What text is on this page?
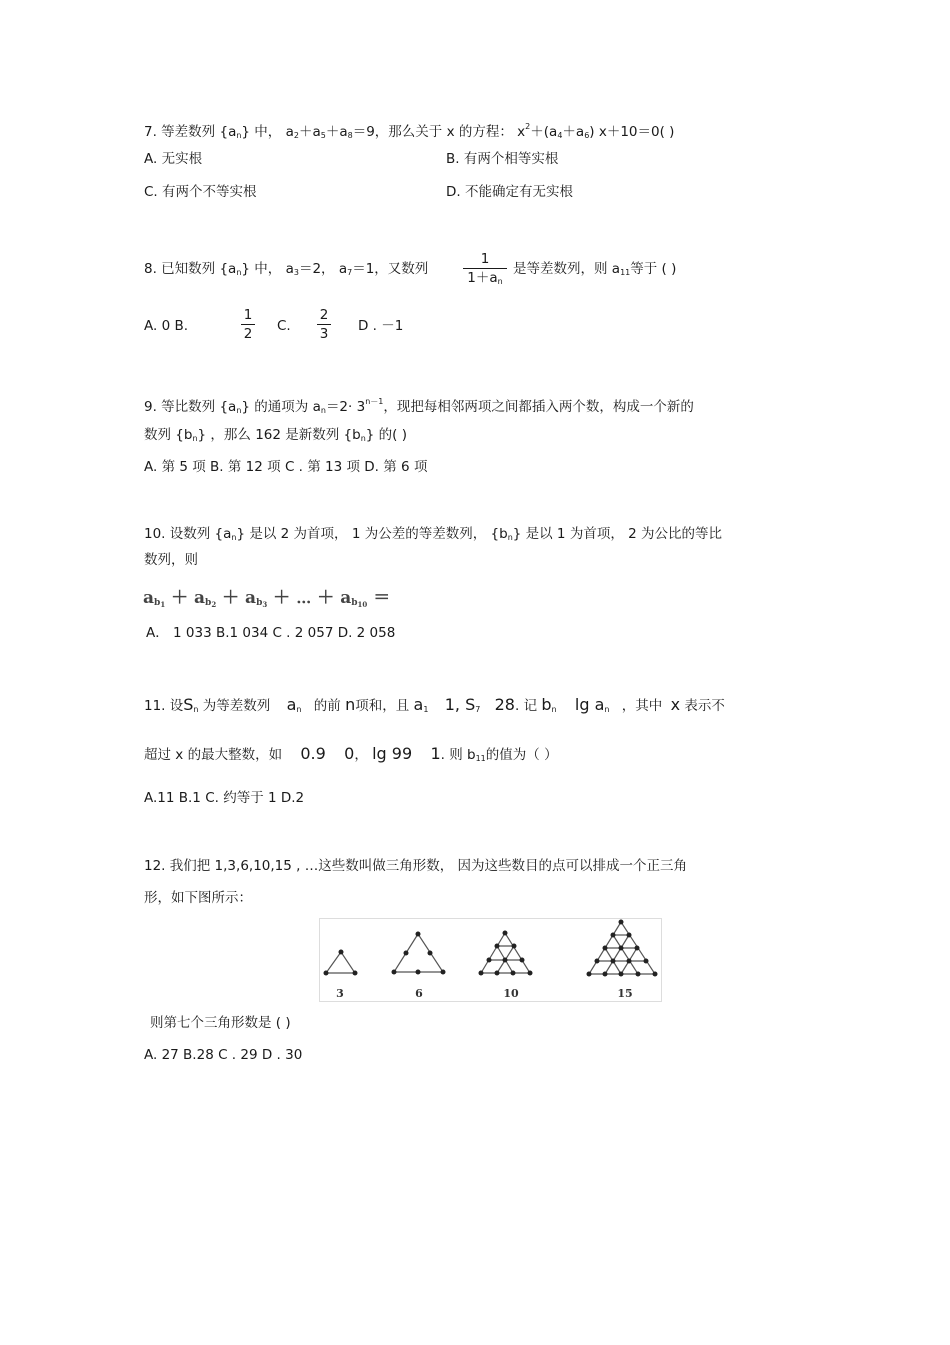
7. 等差数列 $\{a_n\}$ 中， $a_2+a_5+a_8=9$，那么关于 x 的方程： $x^2+(a_4+a_6)$ x＋10＝0( )
A. 无实根	B. 有两个相等实根
C. 有两个不等实根	D. 不能确定有无实根
8. 已知数列 $\{a_n\}$ 中， $a_3=2$， $a_7=1$，又数列
1
$1+a_n$
是等差数列，则 $a_{11}$等于 ( )
A. 0 B.
1
2 C.
2
3 D . －1
9. 等比数列 $\{a_n\}$ 的通项为 $a_n=2\cdot 3^{n-1}$，现把每相邻两项之间都插入两个数，构成一个新的
数列 $\{b_n\}$ ，那么 162 是新数列 $\{b_n\}$ 的( )
A. 第 5 项 B. 第 12 项 C . 第 13 项 D. 第 6 项
10. 设数列 $\{a_n\}$ 是以 2 为首项， 1 为公差的等差数列， $\{b_n\}$ 是以 1 为首项， 2 为公比的等比
数列，则
$a_{b_1} + a_{b_2} + a_{b_3}$ ＋ ⋯ ＋ $a_{b_{10}}$ ＝
A． 1 033 B.1 034 C . 2 057 D. 2 058
11. 设$S_n$ 为等差数列 $a_n$ 的前 n项和，且 $a_1$ 1, $S_7$ 28. 记 $b_n$ $\lg a_n$ ，其中 x 表示不
超过 x 的最大整数，如 0.9 0， lg 99 1. 则 $b_{11}$的值为（ ）
A.11 B.1 C. 约等于 1 D.2
12. 我们把 1,3,6,10,15 , …这些数叫做三角形数， 因为这些数目的点可以排成一个正三角
形，如下图所示：
3	6	10	15
则第七个三角形数是 ( )
A. 27 B.28 C . 29 D . 30
